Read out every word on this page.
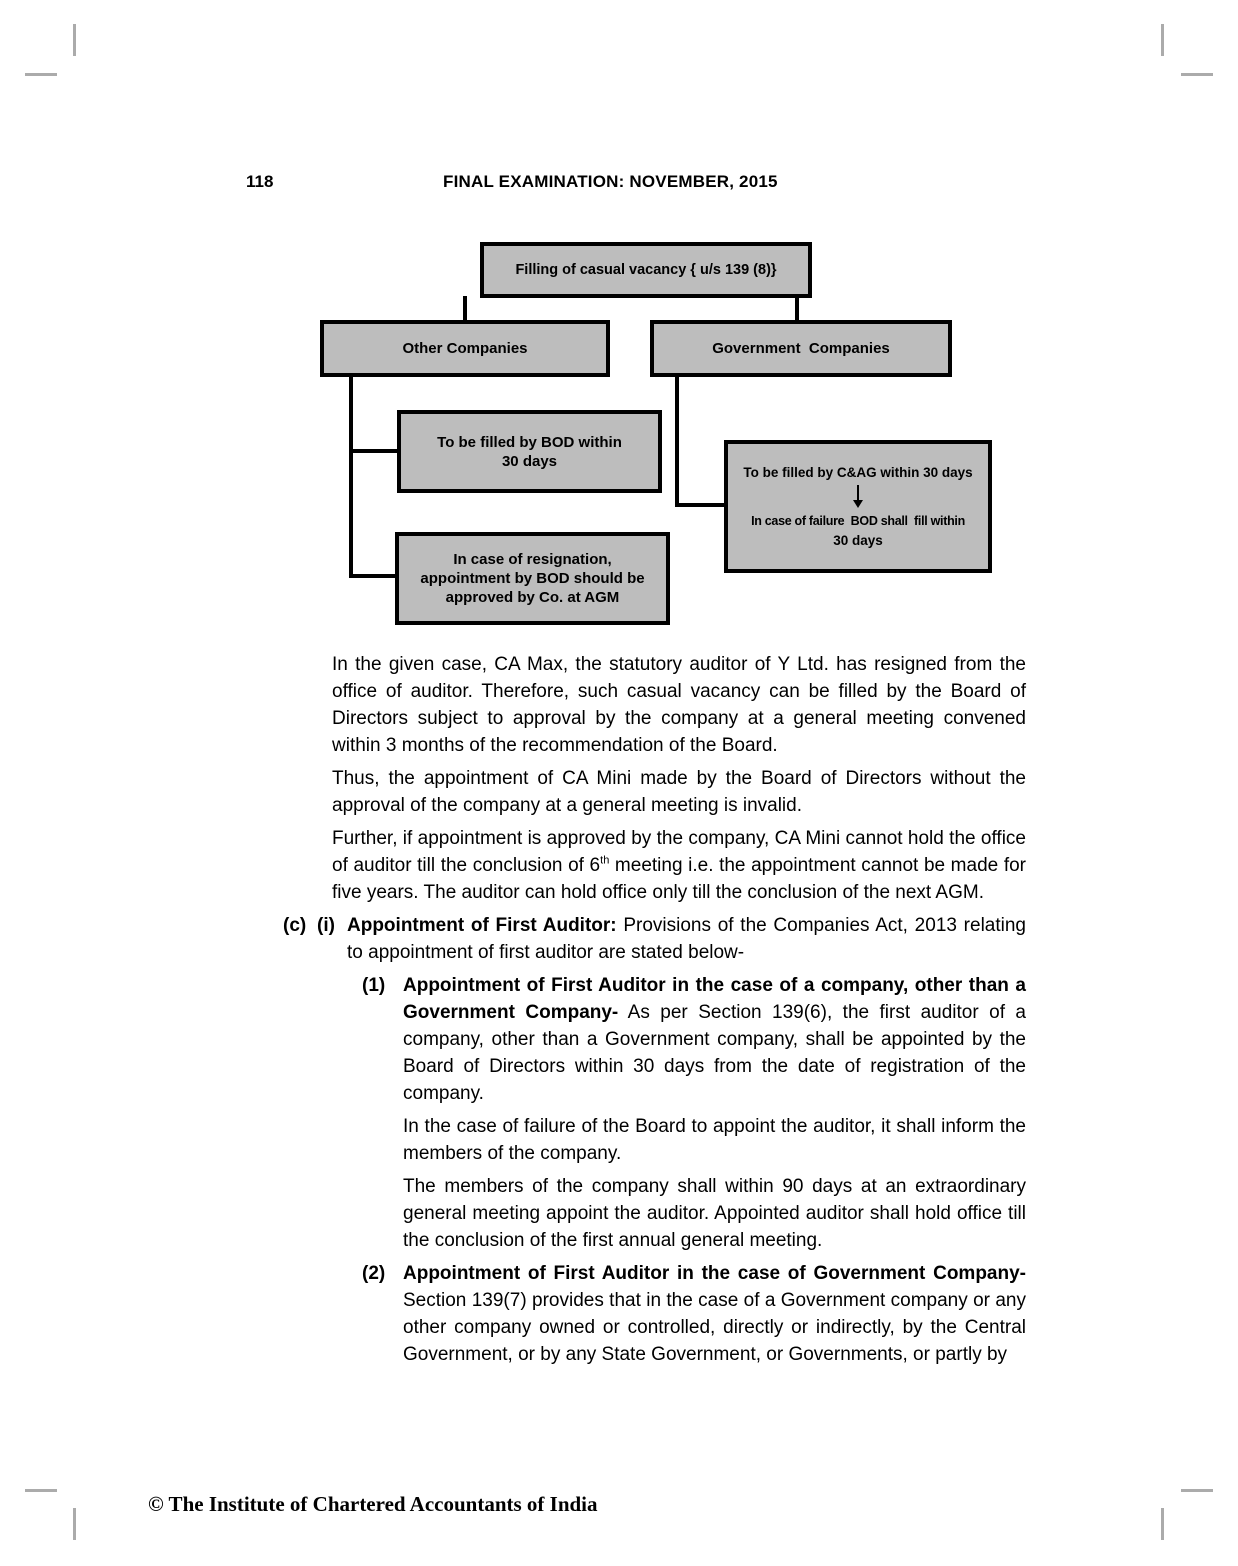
118	FINAL EXAMINATION: NOVEMBER, 2015
Filling of casual vacancy { u/s 139 (8)}
Other Companies	Government  Companies
To be filled by BOD within
30 days
To be filled by C&AG within 30 days
In case of failure  BOD shall  fill within
30 days
In case of resignation,
appointment by BOD should be
approved by Co. at AGM

In the given case, CA Max, the statutory auditor of Y Ltd. has resigned from the office of auditor. Therefore, such casual vacancy can be filled by the Board of Directors subject to approval by the company at a general meeting convened within 3 months of the recommendation of the Board.

Thus, the appointment of CA Mini made by the Board of Directors without the approval of the company at a general meeting is invalid.

Further, if appointment is approved by the company, CA Mini cannot hold the office of auditor till the conclusion of 6th meeting i.e. the appointment cannot be made for five years. The auditor can hold office only till the conclusion of the next AGM.

(c) (i) Appointment of First Auditor: Provisions of the Companies Act, 2013 relating to appointment of first auditor are stated below-
(1) Appointment of First Auditor in the case of a company, other than a Government Company- As per Section 139(6), the first auditor of a company, other than a Government company, shall be appointed by the Board of Directors within 30 days from the date of registration of the company.

In the case of failure of the Board to appoint the auditor, it shall inform the members of the company.

The members of the company shall within 90 days at an extraordinary general meeting appoint the auditor. Appointed auditor shall hold office till the conclusion of the first annual general meeting.

(2) Appointment of First Auditor in the case of Government Company- Section 139(7) provides that in the case of a Government company or any other company owned or controlled, directly or indirectly, by the Central Government, or by any State Government, or Governments, or partly by
© The Institute of Chartered Accountants of India
